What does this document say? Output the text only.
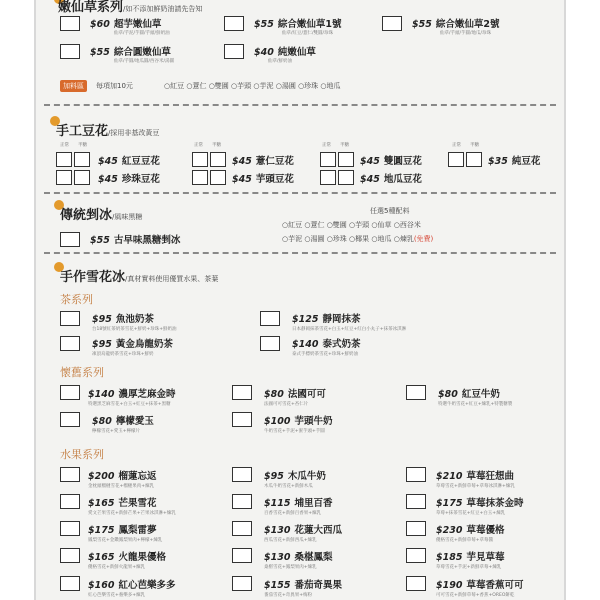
嫩仙草系列/如不添加鮮奶油請先告知
$60 超芋嫩仙草
仙草/芋泥/芋圓/芋頭/鮮奶油
$55 綜合嫩仙草1號
仙草/紅豆/薏仁/雙圓/珍珠
$55 綜合嫩仙草2號
仙草/芋頭/芋圓/地瓜/珍珠
$55 綜合圓嫩仙草
仙草/芋圓/地瓜圓/西谷米/湯圓
$40 純嫩仙草
仙草/鮮奶油
加料區	每項加10元	○紅豆 ○薏仁 ○雙圓 ○芋頭 ○芋泥 ○湯圓 ○珍珠 ○地瓜
手工豆花/採用非基改黃豆
正常 半糖
$45 紅豆豆花
$45 珍珠豆花
正常 半糖
$45 薏仁豆花
$45 芋頭豆花
正常 半糖
$45 雙圓豆花
$45 地瓜豆花
正常 半糖
$35 純豆花
傳統剉冰/風味黑糖
$55 古早味黑糖剉冰
任選5種配料
○紅豆 ○薏仁 ○雙圓 ○芋頭 ○仙草 ○西谷米
○芋泥 ○湯圓 ○珍珠 ○椰果 ○地瓜 ○煉乳(免費)
手作雪花冰/真材實料使用優質水果、茶葉
茶系列
$95 魚池奶茶
台18號紅茶奶茶雪花+鮮奶+珍珠+鮮奶油
$125 靜岡抹茶
日本靜岡抹茶雪花+白玉+紅豆+紅白小丸子+抹茶冰淇淋
$95 黃金烏龍奶茶
凍頂烏龍奶茶雪花+珍珠+鮮奶
$140 泰式奶茶
泰式手標奶茶雪花+珍珠+鮮奶油
懷舊系列
$140 濃厚芝麻金時
特選黑芝麻雪花+白玉+紅豆+抹茶+黑糖
$80 法國可可
法國可可雪花+杏仁片
$80 紅豆牛奶
特選牛奶雪花+紅豆+煉乳+特製糖漿
$80 檸檬愛玉
檸檬雪花+愛玉+檸檬片
$100 芋頭牛奶
牛奶雪花+芋泥+蜜芋頭+芋圓
水果系列
$200 榴蓮忘返
金枕頭榴槤雪花+榴槤果肉+煉乳
$95 木瓜牛奶
木瓜牛奶雪花+新鮮木瓜
$210 草莓狂想曲
草莓雪花+新鮮草莓+草莓冰淇淋+煉乳
$165 芒果雪花
愛文芒果雪花+新鮮芒果+芒果冰淇淋+煉乳
$115 埔里百香
百香雪花+新鮮百香果+煉乳
$175 草莓抹茶金時
草莓+抹茶雪花+紅豆+白玉+煉乳
$175 鳳梨雷夢
鳳梨雪花+金鑽鳳梨果肉+檸檬+煉乳
$130 花蓮大西瓜
西瓜雪花+新鮮西瓜+煉乳
$230 草莓優格
優格雪花+新鮮草莓+草莓醬
$165 火龍果優格
優格雪花+新鮮火龍果+煉乳
$130 桑椹鳳梨
桑椹雪花+鳳梨果肉+煉乳
$185 芋見草莓
草莓雪花+芋泥+新鮮草莓+煉乳
$160 紅心芭樂多多
紅心芭樂雪花+養樂多+煉乳
$155 番茄奇異果
番茄雪花+奇異果+梅粉
$190 草莓香蕉可可
可可雪花+新鮮草莓+香蕉+OREO餅乾
